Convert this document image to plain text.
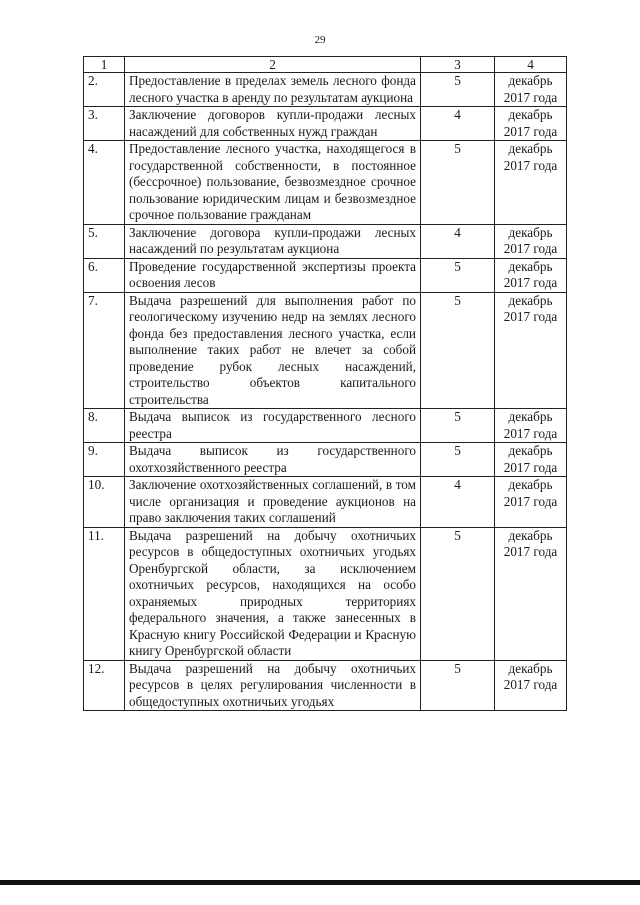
29
1	2	3	4
2.	Предоставление в пределах земель лесного фонда лесного участка в аренду по результатам аукциона	5	декабрь
2017 года

3.	Заключение договоров купли-продажи лесных насаждений для собственных нужд граждан	4	декабрь
2017 года

4.	Предоставление лесного участка, находящегося в государственной собственности, в постоянное (бессрочное) пользование, безвозмездное срочное пользование юридическим лицам и безвозмездное срочное пользование гражданам	5	декабрь
2017 года

5.	Заключение договора купли-продажи лесных насаждений по результатам аукциона	4	декабрь
2017 года

6.	Проведение государственной экспертизы проекта освоения лесов	5	декабрь
2017 года

7.	Выдача разрешений для выполнения работ по геологическому изучению недр на землях лесного фонда без предоставления лесного участка, если выполнение таких работ не влечет за собой проведение рубок лесных насаждений, строительство объектов капитального строительства	5	декабрь
2017 года

8.	Выдача выписок из государственного лесного реестра	5	декабрь
2017 года

9.	Выдача выписок из государственного охотхозяйственного реестра	5	декабрь
2017 года

10.	Заключение охотхозяйственных соглашений, в том числе организация и проведение аукционов на право заключения таких соглашений	4	декабрь
2017 года

11.	Выдача разрешений на добычу охотничьих ресурсов в общедоступных охотничьих угодьях Оренбургской области, за исключением охотничьих ресурсов, находящихся на особо охраняемых природных территориях федерального значения, а также занесенных в Красную книгу Российской Федерации и Красную книгу Оренбургской области	5	декабрь
2017 года

12.	Выдача разрешений на добычу охотничьих ресурсов в целях регулирования численности в общедоступных охотничьих угодьях	5	декабрь
2017 года
